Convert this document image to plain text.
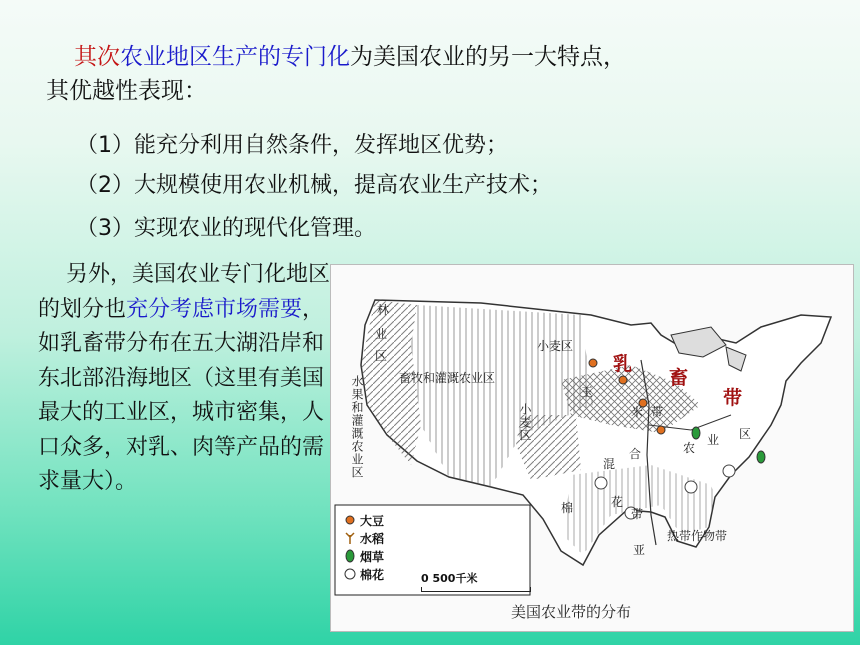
其次农业地区生产的专门化为美国农业的另一大特点，
其优越性表现：
（1）能充分利用自然条件，发挥地区优势；
（2）大规模使用农业机械，提高农业生产技术；
（3）实现农业的现代化管理。
另外，美国农业专门化地区的划分也充分考虑市场需要，如乳畜带分布在五大湖沿岸和东北部沿海地区（这里有美国最大的工业区，城市密集，人口众多，对乳、肉等产品的需求量大）。
小麦区
畜牧和灌溉农业区
乳
畜
带
玉
米 带
小麦区
混
合	农
业 区
棉	花
带
亚
热带作物带
水果和灌溉农业区
林
业
区
大豆
水稻
烟草
棉花	0 500千米
美国农业带的分布
